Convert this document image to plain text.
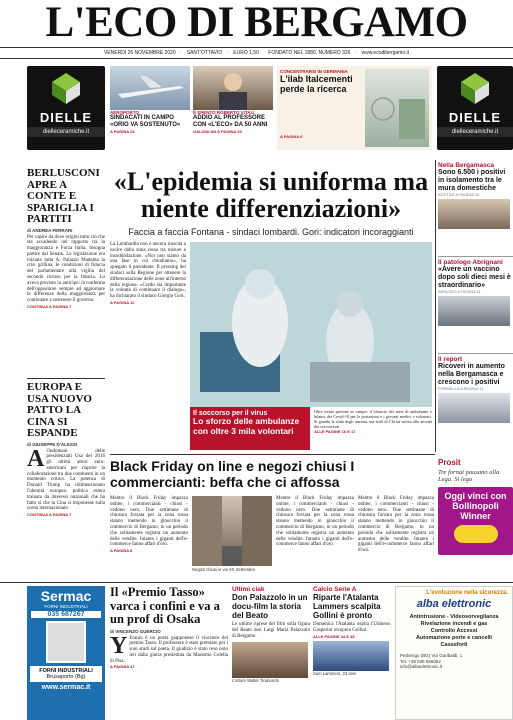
L'ECO DI BERGAMO
VENERDÌ 26 NOVEMBRE 2020 · SANT'OTTAVIO · EURO 1,50 FONDATO NEL 1880. NUMERO 326 · www.ecodibergamo.it
DIELLE
dielleceramiche.it
DIELLE
dielleceramiche.it
AEROPORTO
SINDACATI IN CAMPO «ORIO VA SOSTENUTO»
A PAGINA 23
È SPENTO ROBERTO VITALI
ADDIO AL PROFESSORE CON «L'ECO» DA 50 ANNI
GALDINI AN A PAGINA 39
CONCENTRARSI IN GERMANIA
L'ilab Italcementi perde la ricerca
A PAGINA 6
BERLUSCONI APRE A CONTE E SPARIGLIA I PARTITI
di ANDREA FERRARI
Per capire da dove origini tutto ciò che sta accadendo nel rapporto tra la maggioranza e Forza Italia, bisogna partire dal Senato. La legislazione era iniziata tutta A. Palazzo Madama la crisi grillina, le condizioni di fiducia del parlamentare alla vigilia del secondo ricorso per la fiducia. Lo aveva previsto in anticipo: la conferma dell'oppositore sempre ad aggiornare le differenze della maggioranza per continuare a sostenere il governo.
CONTINUA A PAGINA 7
EUROPA E USA NUOVO PATTO LA CINA SI ESPANDE
di GIUSEPPE D'ALESSI
Al'indomani delle presidenziali Usa del 2016 gli ultimi attori euro-americani per riaprire la collaborazione tra due continenti in un momento critico. La potenza di Donald Trump ha ridimensionato l'identità europea: politica estera trainata da interessi nazionali che ha fatto sì che la Cina si imponesse sulla scena internazionale.
CONTINUA A PAGINA 7
«L'epidemia si uniforma ma niente differenziazioni»
Faccia a faccia Fontana - sindaci lombardi. Gori: indicatori incoraggianti
La Lombardia non è ancora riuscita a uscire dalla zona rossa tra misure e insoddisfazione. «Noi non siamo da una fase in cui chiudiamo», ha spiegato il presidente. Il pressing dei sindaci sulla Regione per ottenere la differenziazione delle zone all'interno della regione. «Credo sia importante la volontà di continuare il dialogo», ha dichiarato il sindaco Giorgio Gori.
A PAGINA 12
Il soccorso per il virus
Lo sforzo delle ambulanze con oltre 3 mila volontari
Oltre trenta persone in campo: il bilancio dei mesi di ambulanze e bilanci dei Covid-19 per le postazioni e i giovani medici e volontari. Si guarda la sfida degli anziani, ma reali di Chi ha un'ora alle attività dei soccorritori.
ALLE PAGINE 16 E 17
Nella Bergamasca
Sono 6.500 i positivi in isolamento tra le mura domestiche
SOTTILE A PAGINA 10
Il patologo Abrignani
«Avere un vaccino dopo soli dieci mesi è straordinario»
SERVIZIO A PAGINA 11
Il report
Ricoveri in aumento nella Bergamasca e crescono i positivi
FORMELLA A PAGINA 11
Black Friday on line e negozi chiusi I commercianti: beffa che ci affossa
Mentre il Black Friday impazza online, i commercianti - chiusi - vedono nero. Due settimane di chiusura forzata per la zona rossa stanno mettendo in ginocchio il commercio di Bergamo, in un periodo che solitamente registra un aumento delle vendite. Intanto i giganti dell'e-commerce fanno affari d'oro.
A PAGINA 8
Negozi chiusi in via XX Settembre
Mentre il Black Friday impazza online, i commercianti - chiusi - vedono nero. Due settimane di chiusura forzata per la zona rossa stanno mettendo in ginocchio il commercio di Bergamo, in un periodo che solitamente registra un aumento delle vendite. Intanto i giganti dell'e-commerce fanno affari d'oro.
Mentre il Black Friday impazza online, i commercianti - chiusi - vedono nero. Due settimane di chiusura forzata per la zona rossa stanno mettendo in ginocchio il commercio di Bergamo, in un periodo che solitamente registra un aumento delle vendite. Intanto i giganti dell'e-commerce fanno affari d'oro.
Prosit
Tre fornai pausano alla Lega. Si lega
Oggi vinci con Bollinopoli Winner
Sermac
FORNI INDUSTRIALI
035 687267
FORNI INDUSTRIALI
Brusaporto (Bg)
www.sermac.it
Il «Premio Tasso» varca i confini e va a un prof di Osaka
di VINCENZO GUERCIO
Y Eranio è un poeta giapponese il vincitore del premio Tasso. Il professore è stato premiato per i suoi studi sul poeta. Il giudizio è stato reso noto ieri dalla giuria presieduta da Massimo Colella di Pisa.
A PAGINA 47
Ultimi ciak
Don Palazzolo in un docu-film la storia del Beato
Le ultime riprese del film sulla figura del Beato don Luigi Maria Palazzolo di Bergamo.
L'attore Walter Tiraboschi
Calcio Serie A
Riparte l'Atalanta Lammers scalpita Gollini è pronto
Domenica l'Atalanta ospita l'Udinese. Gasperini recupera Gollini.
ALLE PAGINE 44 E 45
Sam Lammers, 23 anni
L'evoluzione nella sicurezza.
alba elettronic
Antintrusione - Videosorveglianza
Rivelazione incendi e gas
Controllo Accessi
Automazione porte e cancelli
Casseforti
Pedrengo (BG) Via Garibaldi, 1
Tel. +39 035 656052
info@albaelettronic.it
